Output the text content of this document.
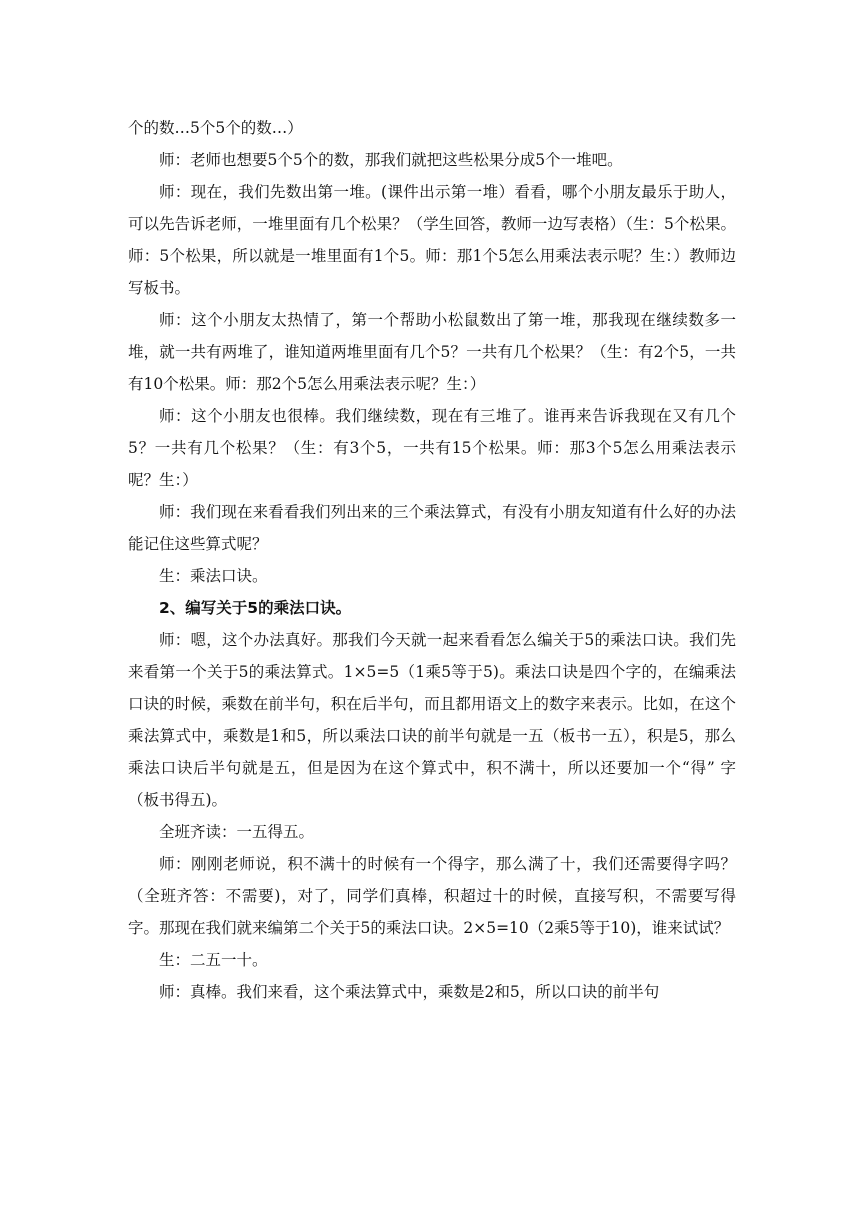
个的数…5个5个的数…）

师：老师也想要5个5个的数，那我们就把这些松果分成5个一堆吧。

师：现在，我们先数出第一堆。(课件出示第一堆）看看，哪个小朋友最乐于助人，可以先告诉老师，一堆里面有几个松果？（学生回答，教师一边写表格）（生：5个松果。师：5个松果，所以就是一堆里面有1个5。师：那1个5怎么用乘法表示呢？生：）教师边写板书。

师：这个小朋友太热情了，第一个帮助小松鼠数出了第一堆，那我现在继续数多一堆，就一共有两堆了，谁知道两堆里面有几个5？一共有几个松果？（生：有2个5，一共有10个松果。师：那2个5怎么用乘法表示呢？生：）

师：这个小朋友也很棒。我们继续数，现在有三堆了。谁再来告诉我现在又有几个5？一共有几个松果？（生：有3个5，一共有15个松果。师：那3个5怎么用乘法表示呢？生：）

师：我们现在来看看我们列出来的三个乘法算式，有没有小朋友知道有什么好的办法能记住这些算式呢？

生：乘法口诀。

2、编写关于5的乘法口诀。

师：嗯，这个办法真好。那我们今天就一起来看看怎么编关于5的乘法口诀。我们先来看第一个关于5的乘法算式。1×5=5（1乘5等于5)。乘法口诀是四个字的，在编乘法口诀的时候，乘数在前半句，积在后半句，而且都用语文上的数字来表示。比如，在这个乘法算式中，乘数是1和5，所以乘法口诀的前半句就是一五（板书一五），积是5，那么乘法口诀后半句就是五，但是因为在这个算式中，积不满十，所以还要加一个“得” 字（板书得五)。

全班齐读：一五得五。

师：刚刚老师说，积不满十的时候有一个得字，那么满了十，我们还需要得字吗？（全班齐答：不需要)，对了，同学们真棒，积超过十的时候，直接写积，不需要写得字。那现在我们就来编第二个关于5的乘法口诀。2×5=10（2乘5等于10)，谁来试试？

生：二五一十。

师：真棒。我们来看，这个乘法算式中，乘数是2和5，所以口诀的前半句
